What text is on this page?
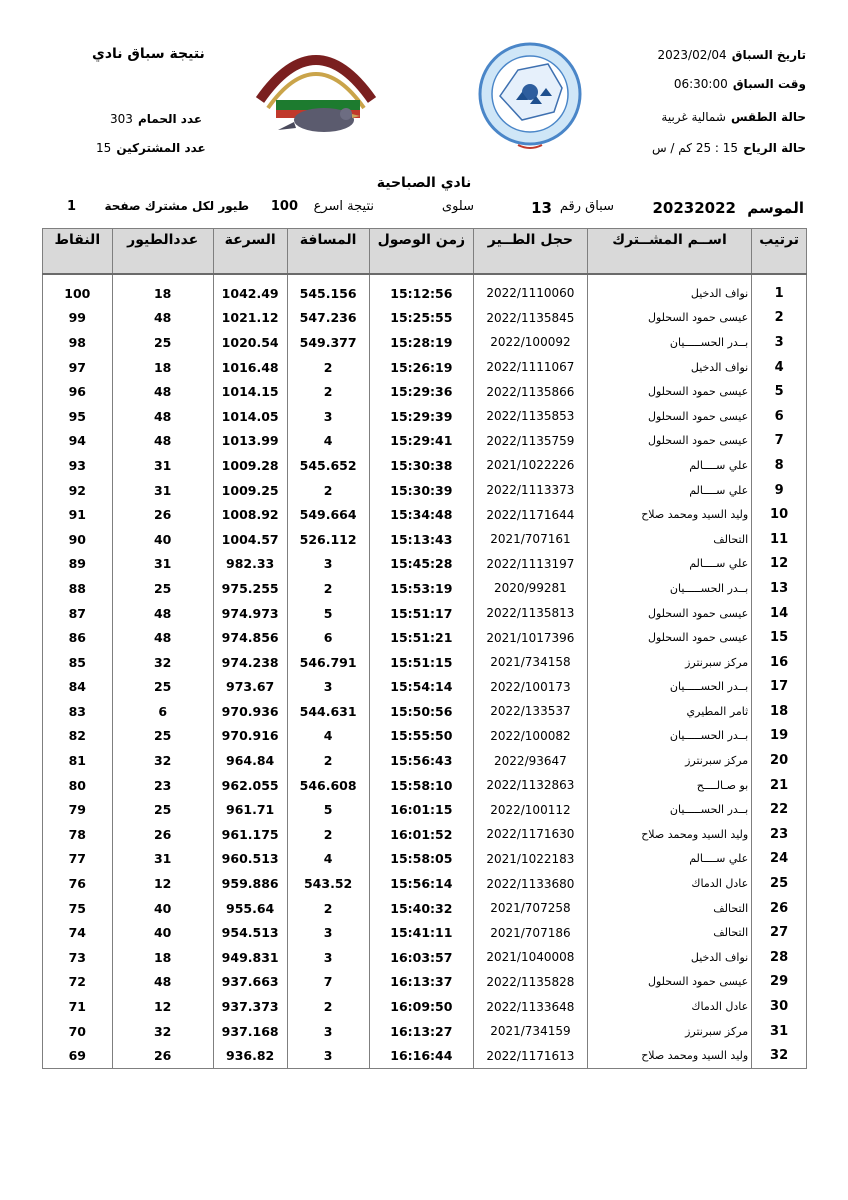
تاريخ السباق 2023/02/04
وقت السباق 06:30:00
حالة الطقس شمالية غربية
حالة الرياح 15 : 25 كم / س
نتيجة سباق نادي
عدد الحمام 303
عدد المشتركين 15
نادي الصباحية
الموسم
20232022
سباق رقم
13
سلوى
نتيجة اسرع
100
طيور لكل مشترك صفحة
1
ترتيب	اســم المشــترك	حجل الطــير	زمن الوصول	المسافة	السرعة	عددالطيور	النقاط

1	نواف الدخيل	2022/1110060	15:12:56	545.156	1042.49	18	100
2	عيسى حمود السحلول	2022/1135845	15:25:55	547.236	1021.12	48	99
3	بــدر الحســـــيان	2022/100092	15:28:19	549.377	1020.54	25	98
4	نواف الدخيل	2022/1111067	15:26:19	2	1016.48	18	97
5	عيسى حمود السحلول	2022/1135866	15:29:36	2	1014.15	48	96
6	عيسى حمود السحلول	2022/1135853	15:29:39	3	1014.05	48	95
7	عيسى حمود السحلول	2022/1135759	15:29:41	4	1013.99	48	94
8	علي ســــالم	2021/1022226	15:30:38	545.652	1009.28	31	93
9	علي ســــالم	2022/1113373	15:30:39	2	1009.25	31	92
10	وليد السيد ومحمد صلاح	2022/1171644	15:34:48	549.664	1008.92	26	91
11	التحالف	2021/707161	15:13:43	526.112	1004.57	40	90
12	علي ســــالم	2022/1113197	15:45:28	3	982.33	31	89
13	بــدر الحســـــيان	2020/99281	15:53:19	2	975.255	25	88
14	عيسى حمود السحلول	2022/1135813	15:51:17	5	974.973	48	87
15	عيسى حمود السحلول	2021/1017396	15:51:21	6	974.856	48	86
16	مركز سبرنترز	2021/734158	15:51:15	546.791	974.238	32	85
17	بــدر الحســـــيان	2022/100173	15:54:14	3	973.67	25	84
18	ثامر المطيري	2022/133537	15:50:56	544.631	970.936	6	83
19	بــدر الحســـــيان	2022/100082	15:55:50	4	970.916	25	82
20	مركز سبرنترز	2022/93647	15:56:43	2	964.84	32	81
21	بو صـالــــح	2022/1132863	15:58:10	546.608	962.055	23	80
22	بــدر الحســـــيان	2022/100112	16:01:15	5	961.71	25	79
23	وليد السيد ومحمد صلاح	2022/1171630	16:01:52	2	961.175	26	78
24	علي ســــالم	2021/1022183	15:58:05	4	960.513	31	77
25	عادل الدماك	2022/1133680	15:56:14	543.52	959.886	12	76
26	التحالف	2021/707258	15:40:32	2	955.64	40	75
27	التحالف	2021/707186	15:41:11	3	954.513	40	74
28	نواف الدخيل	2021/1040008	16:03:57	3	949.831	18	73
29	عيسى حمود السحلول	2022/1135828	16:13:37	7	937.663	48	72
30	عادل الدماك	2022/1133648	16:09:50	2	937.373	12	71
31	مركز سبرنترز	2021/734159	16:13:27	3	937.168	32	70
32	وليد السيد ومحمد صلاح	2022/1171613	16:16:44	3	936.82	26	69
